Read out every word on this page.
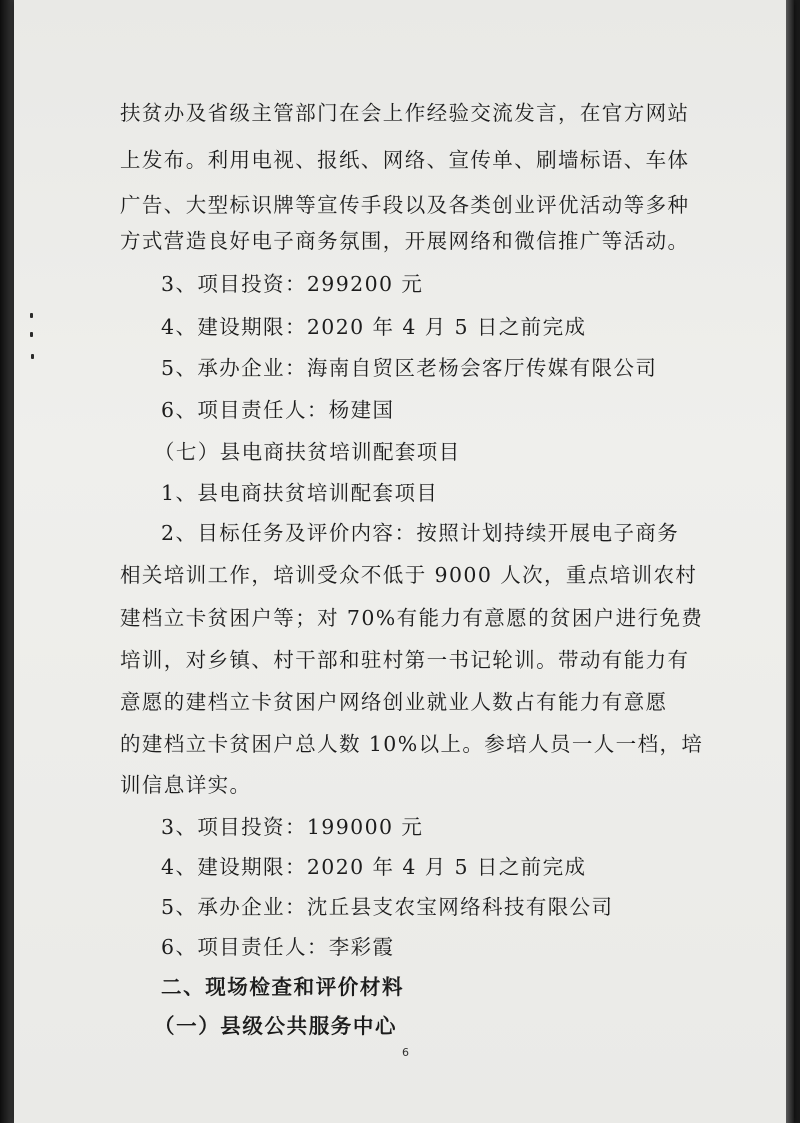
扶贫办及省级主管部门在会上作经验交流发言，在官方网站
上发布。利用电视、报纸、网络、宣传单、刷墙标语、车体
广告、大型标识牌等宣传手段以及各类创业评优活动等多种
方式营造良好电子商务氛围，开展网络和微信推广等活动。
3、项目投资：299200 元
4、建设期限：2020 年 4 月 5 日之前完成
5、承办企业：海南自贸区老杨会客厅传媒有限公司
6、项目责任人：杨建国
（七）县电商扶贫培训配套项目
1、县电商扶贫培训配套项目
2、目标任务及评价内容：按照计划持续开展电子商务
相关培训工作，培训受众不低于 9000 人次，重点培训农村
建档立卡贫困户等；对 70%有能力有意愿的贫困户进行免费
培训，对乡镇、村干部和驻村第一书记轮训。带动有能力有
意愿的建档立卡贫困户网络创业就业人数占有能力有意愿
的建档立卡贫困户总人数 10%以上。参培人员一人一档，培
训信息详实。
3、项目投资：199000 元
4、建设期限：2020 年 4 月 5 日之前完成
5、承办企业：沈丘县支农宝网络科技有限公司
6、项目责任人：李彩霞
二、现场检查和评价材料
（一）县级公共服务中心
6
